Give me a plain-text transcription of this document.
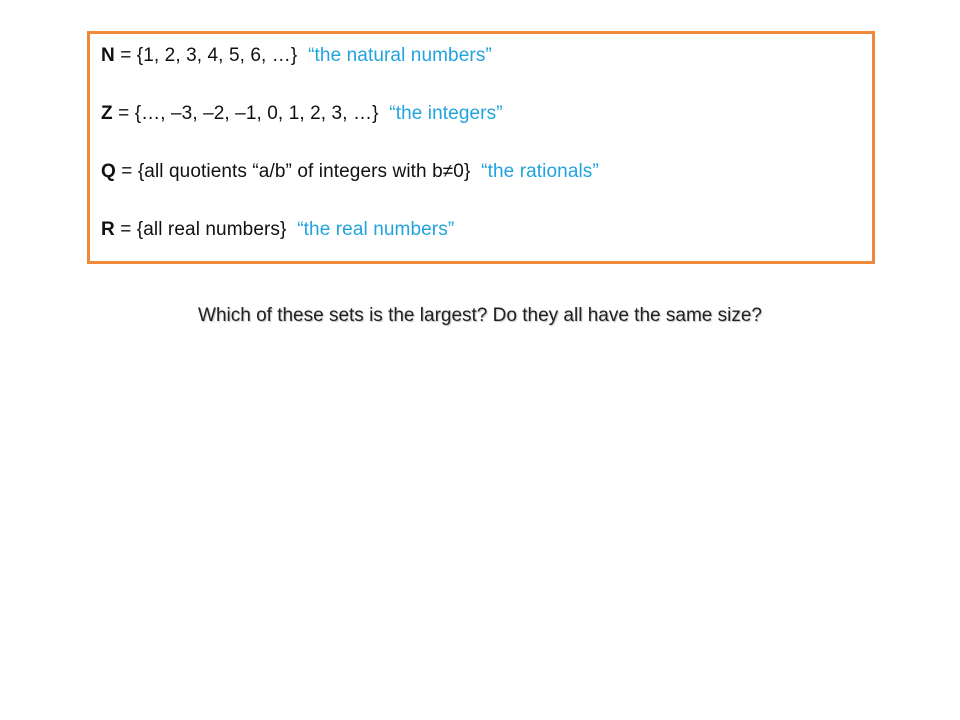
N = {1, 2, 3, 4, 5, 6, …} “the natural numbers”
Z = {…, –3, –2, –1, 0, 1, 2, 3, …} “the integers”
Q = {all quotients “a/b” of integers with b≠0} “the rationals”
R = {all real numbers} “the real numbers”
Which of these sets is the largest? Do they all have the same size?
